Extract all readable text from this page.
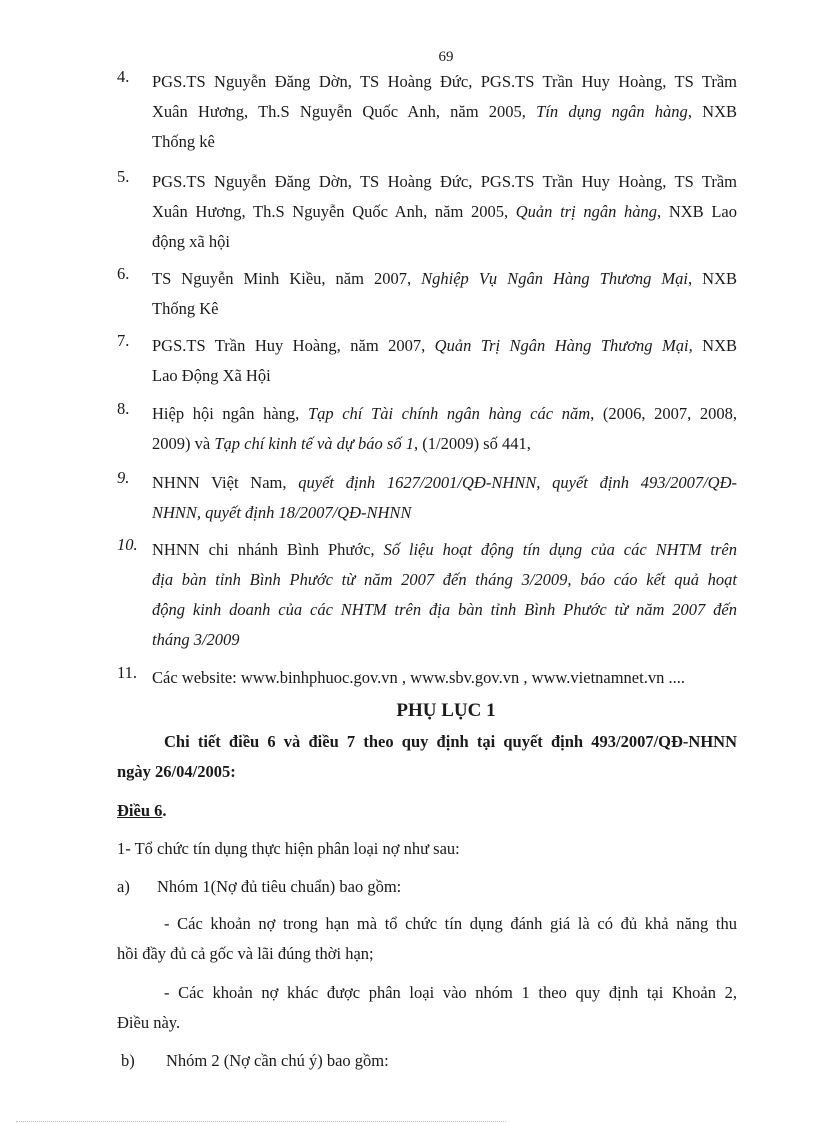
69
4.	PGS.TS Nguyễn Đăng Dờn, TS Hoàng Đức, PGS.TS Trần Huy Hoàng, TS Trầm
Xuân Hương, Th.S Nguyễn Quốc Anh, năm 2005, Tín dụng ngân hàng, NXB
Thống kê
5.	PGS.TS Nguyễn Đăng Dờn, TS Hoàng Đức, PGS.TS Trần Huy Hoàng, TS Trầm
Xuân Hương, Th.S Nguyễn Quốc Anh, năm 2005, Quản trị ngân hàng, NXB Lao
động xã hội
6.	TS Nguyễn Minh Kiều, năm 2007, Nghiệp Vụ Ngân Hàng Thương Mại, NXB
Thống Kê
7.	PGS.TS Trần Huy Hoàng, năm 2007, Quản Trị Ngân Hàng Thương Mại, NXB
Lao Động Xã Hội
8.	Hiệp hội ngân hàng, Tạp chí Tài chính ngân hàng các năm, (2006, 2007, 2008,
2009) và Tạp chí kinh tế và dự báo số 1, (1/2009) số 441,
9.	NHNN Việt Nam, quyết định 1627/2001/QĐ-NHNN, quyết định 493/2007/QĐ-
NHNN, quyết định 18/2007/QĐ-NHNN
10. NHNN chi nhánh Bình Phước, Số liệu hoạt động tín dụng của các NHTM trên
địa bàn tỉnh Bình Phước từ năm 2007 đến tháng 3/2009, báo cáo kết quả hoạt
động kinh doanh của các NHTM trên địa bàn tỉnh Bình Phước từ năm 2007 đến
tháng 3/2009
11. Các website: www.binhphuoc.gov.vn , www.sbv.gov.vn , www.vietnamnet.vn ....
PHỤ LỤC 1
Chi tiết điều 6 và điều 7 theo quy định tại quyết định 493/2007/QĐ-NHNN
ngày 26/04/2005:
Điều 6.
1- Tổ chức tín dụng thực hiện phân loại nợ như sau:
a) Nhóm 1(Nợ đủ tiêu chuẩn) bao gồm:
- Các khoản nợ trong hạn mà tổ chức tín dụng đánh giá là có đủ khả năng thu
hồi đầy đủ cả gốc và lãi đúng thời hạn;
- Các khoản nợ khác được phân loại vào nhóm 1 theo quy định tại Khoản 2,
Điều này.
b) Nhóm 2 (Nợ cần chú ý) bao gồm:
